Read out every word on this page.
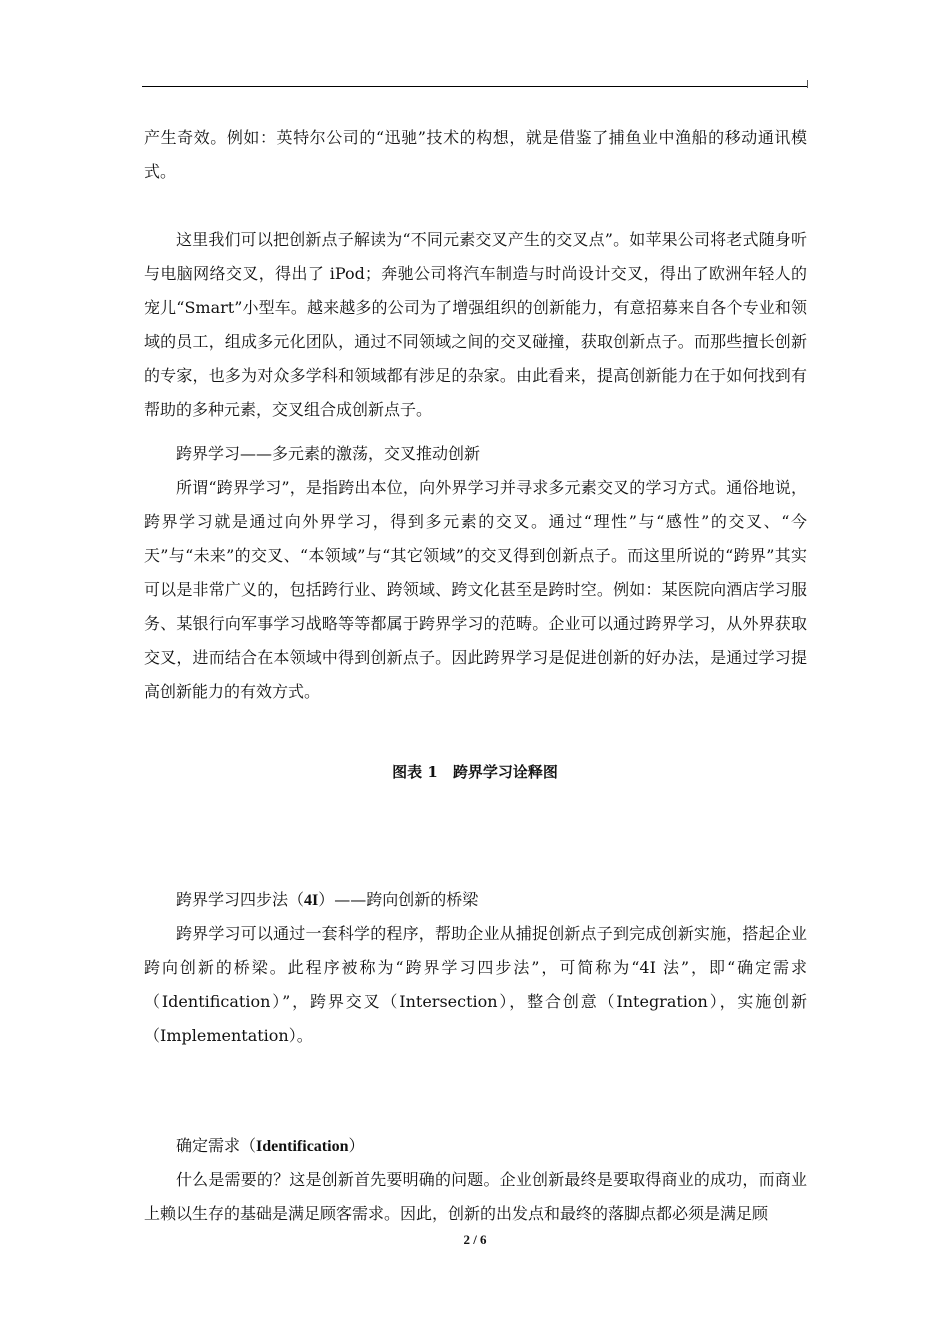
产生奇效。例如：英特尔公司的“迅驰”技术的构想，就是借鉴了捕鱼业中渔船的移动通讯模式。

这里我们可以把创新点子解读为“不同元素交叉产生的交叉点”。如苹果公司将老式随身听与电脑网络交叉，得出了 iPod；奔驰公司将汽车制造与时尚设计交叉，得出了欧洲年轻人的宠儿“Smart”小型车。越来越多的公司为了增强组织的创新能力，有意招募来自各个专业和领域的员工，组成多元化团队，通过不同领域之间的交叉碰撞，获取创新点子。而那些擅长创新的专家，也多为对众多学科和领域都有涉足的杂家。由此看来，提高创新能力在于如何找到有帮助的多种元素，交叉组合成创新点子。

跨界学习——多元素的激荡，交叉推动创新

所谓“跨界学习”，是指跨出本位，向外界学习并寻求多元素交叉的学习方式。通俗地说，跨界学习就是通过向外界学习，得到多元素的交叉。通过“理性”与“感性”的交叉、“今天”与“未来”的交叉、“本领域”与“其它领域”的交叉得到创新点子。而这里所说的“跨界”其实可以是非常广义的，包括跨行业、跨领域、跨文化甚至是跨时空。例如：某医院向酒店学习服务、某银行向军事学习战略等等都属于跨界学习的范畴。企业可以通过跨界学习，从外界获取交叉，进而结合在本领域中得到创新点子。因此跨界学习是促进创新的好办法，是通过学习提高创新能力的有效方式。

图表 1　跨界学习诠释图

跨界学习四步法（4I）——跨向创新的桥梁

跨界学习可以通过一套科学的程序，帮助企业从捕捉创新点子到完成创新实施，搭起企业跨向创新的桥梁。此程序被称为“跨界学习四步法”，可简称为“4I 法”，即“确定需求（Identification）”，跨界交叉（Intersection），整合创意（Integration），实施创新（Implementation）。

确定需求（Identification）

什么是需要的？这是创新首先要明确的问题。企业创新最终是要取得商业的成功，而商业上赖以生存的基础是满足顾客需求。因此，创新的出发点和最终的落脚点都必须是满足顾

2 / 6
